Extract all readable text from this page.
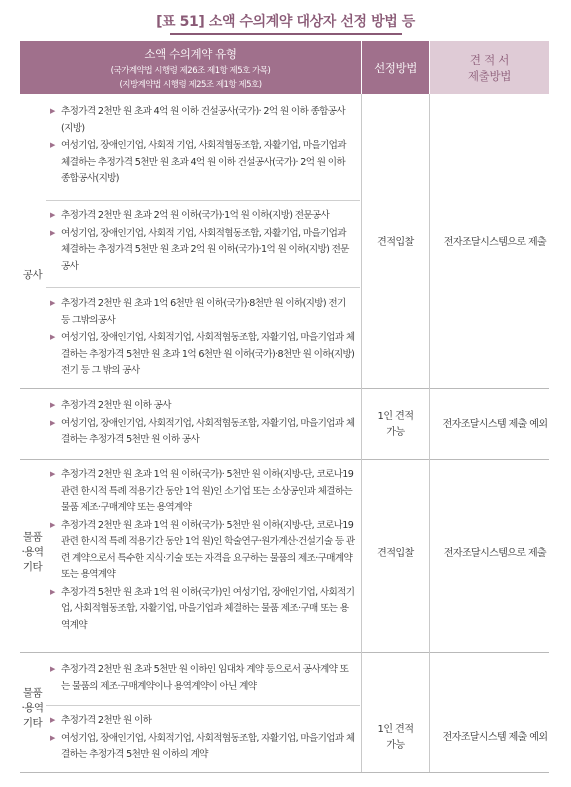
[표 51] 소액 수의계약 대상자 선정 방법 등
소액 수의계약 유형
(국가계약법 시행령 제26조 제1항 제5호 가목)
(지방계약법 시행령 제25조 제1항 제5호)
선정방법
견 적 서
제출방법
공사
물품
·용역
기타
물품
·용역
기타

▶ 추정가격 2천만 원 초과 4억 원 이하 건설공사(국가)· 2억 원 이하 종합공사(지방)

▶ 여성기업, 장애인기업, 사회적 기업, 사회적협동조합, 자활기업, 마을기업과 체결하는 추정가격 5천만 원 초과 4억 원 이하 건설공사(국가)· 2억 원 이하 종합공사(지방)

▶ 추정가격 2천만 원 초과 2억 원 이하(국가)·1억 원 이하(지방) 전문공사

▶ 여성기업, 장애인기업, 사회적 기업, 사회적협동조합, 자활기업, 마을기업과 체결하는 추정가격 5천만 원 초과 2억 원 이하(국가)·1억 원 이하(지방) 전문공사

▶ 추정가격 2천만 원 초과 1억 6천만 원 이하(국가)·8천만 원 이하(지방) 전기 등 그밖의공사

▶ 여성기업, 장애인기업, 사회적기업, 사회적협동조합, 자활기업, 마을기업과 체결하는 추정가격 5천만 원 초과 1억 6천만 원 이하(국가)·8천만 원 이하(지방) 전기 등 그 밖의 공사

▶ 추정가격 2천만 원 이하 공사

▶ 여성기업, 장애인기업, 사회적기업, 사회적협동조합, 자활기업, 마을기업과 체결하는 추정가격 5천만 원 이하 공사

▶ 추정가격 2천만 원 초과 1억 원 이하(국가)· 5천만 원 이하(지방-단, 코로나19 관련 한시적 특례 적용기간 동안 1억 원)인 소기업 또는 소상공인과 체결하는 물품 제조·구매계약 또는 용역계약

▶ 추정가격 2천만 원 초과 1억 원 이하(국가)· 5천만 원 이하(지방-단, 코로나19 관련 한시적 특례 적용기간 동안 1억 원)인 학술연구·원가계산·건설기술 등 관련 계약으로서 특수한 지식·기술 또는 자격을 요구하는 물품의 제조·구매계약 또는 용역계약

▶ 추정가격 5천만 원 초과 1억 원 이하(국가)인 여성기업, 장애인기업, 사회적기업, 사회적협동조합, 자활기업, 마을기업과 체결하는 물품 제조·구매 또는 용역계약

▶ 추정가격 2천만 원 초과 5천만 원 이하인 임대차 계약 등으로서 공사계약 또는 물품의 제조·구매계약이나 용역계약이 아닌 계약

▶ 추정가격 2천만 원 이하

▶ 여성기업, 장애인기업, 사회적기업, 사회적협동조합, 자활기업, 마을기업과 체결하는 추정가격 5천만 원 이하의 계약

견적입찰
1인 견적
가능
견적입찰
1인 견적
가능
전자조달시스템으로 제출
전자조달시스템 제출 예외
전자조달시스템으로 제출
전자조달시스템 제출 예외
